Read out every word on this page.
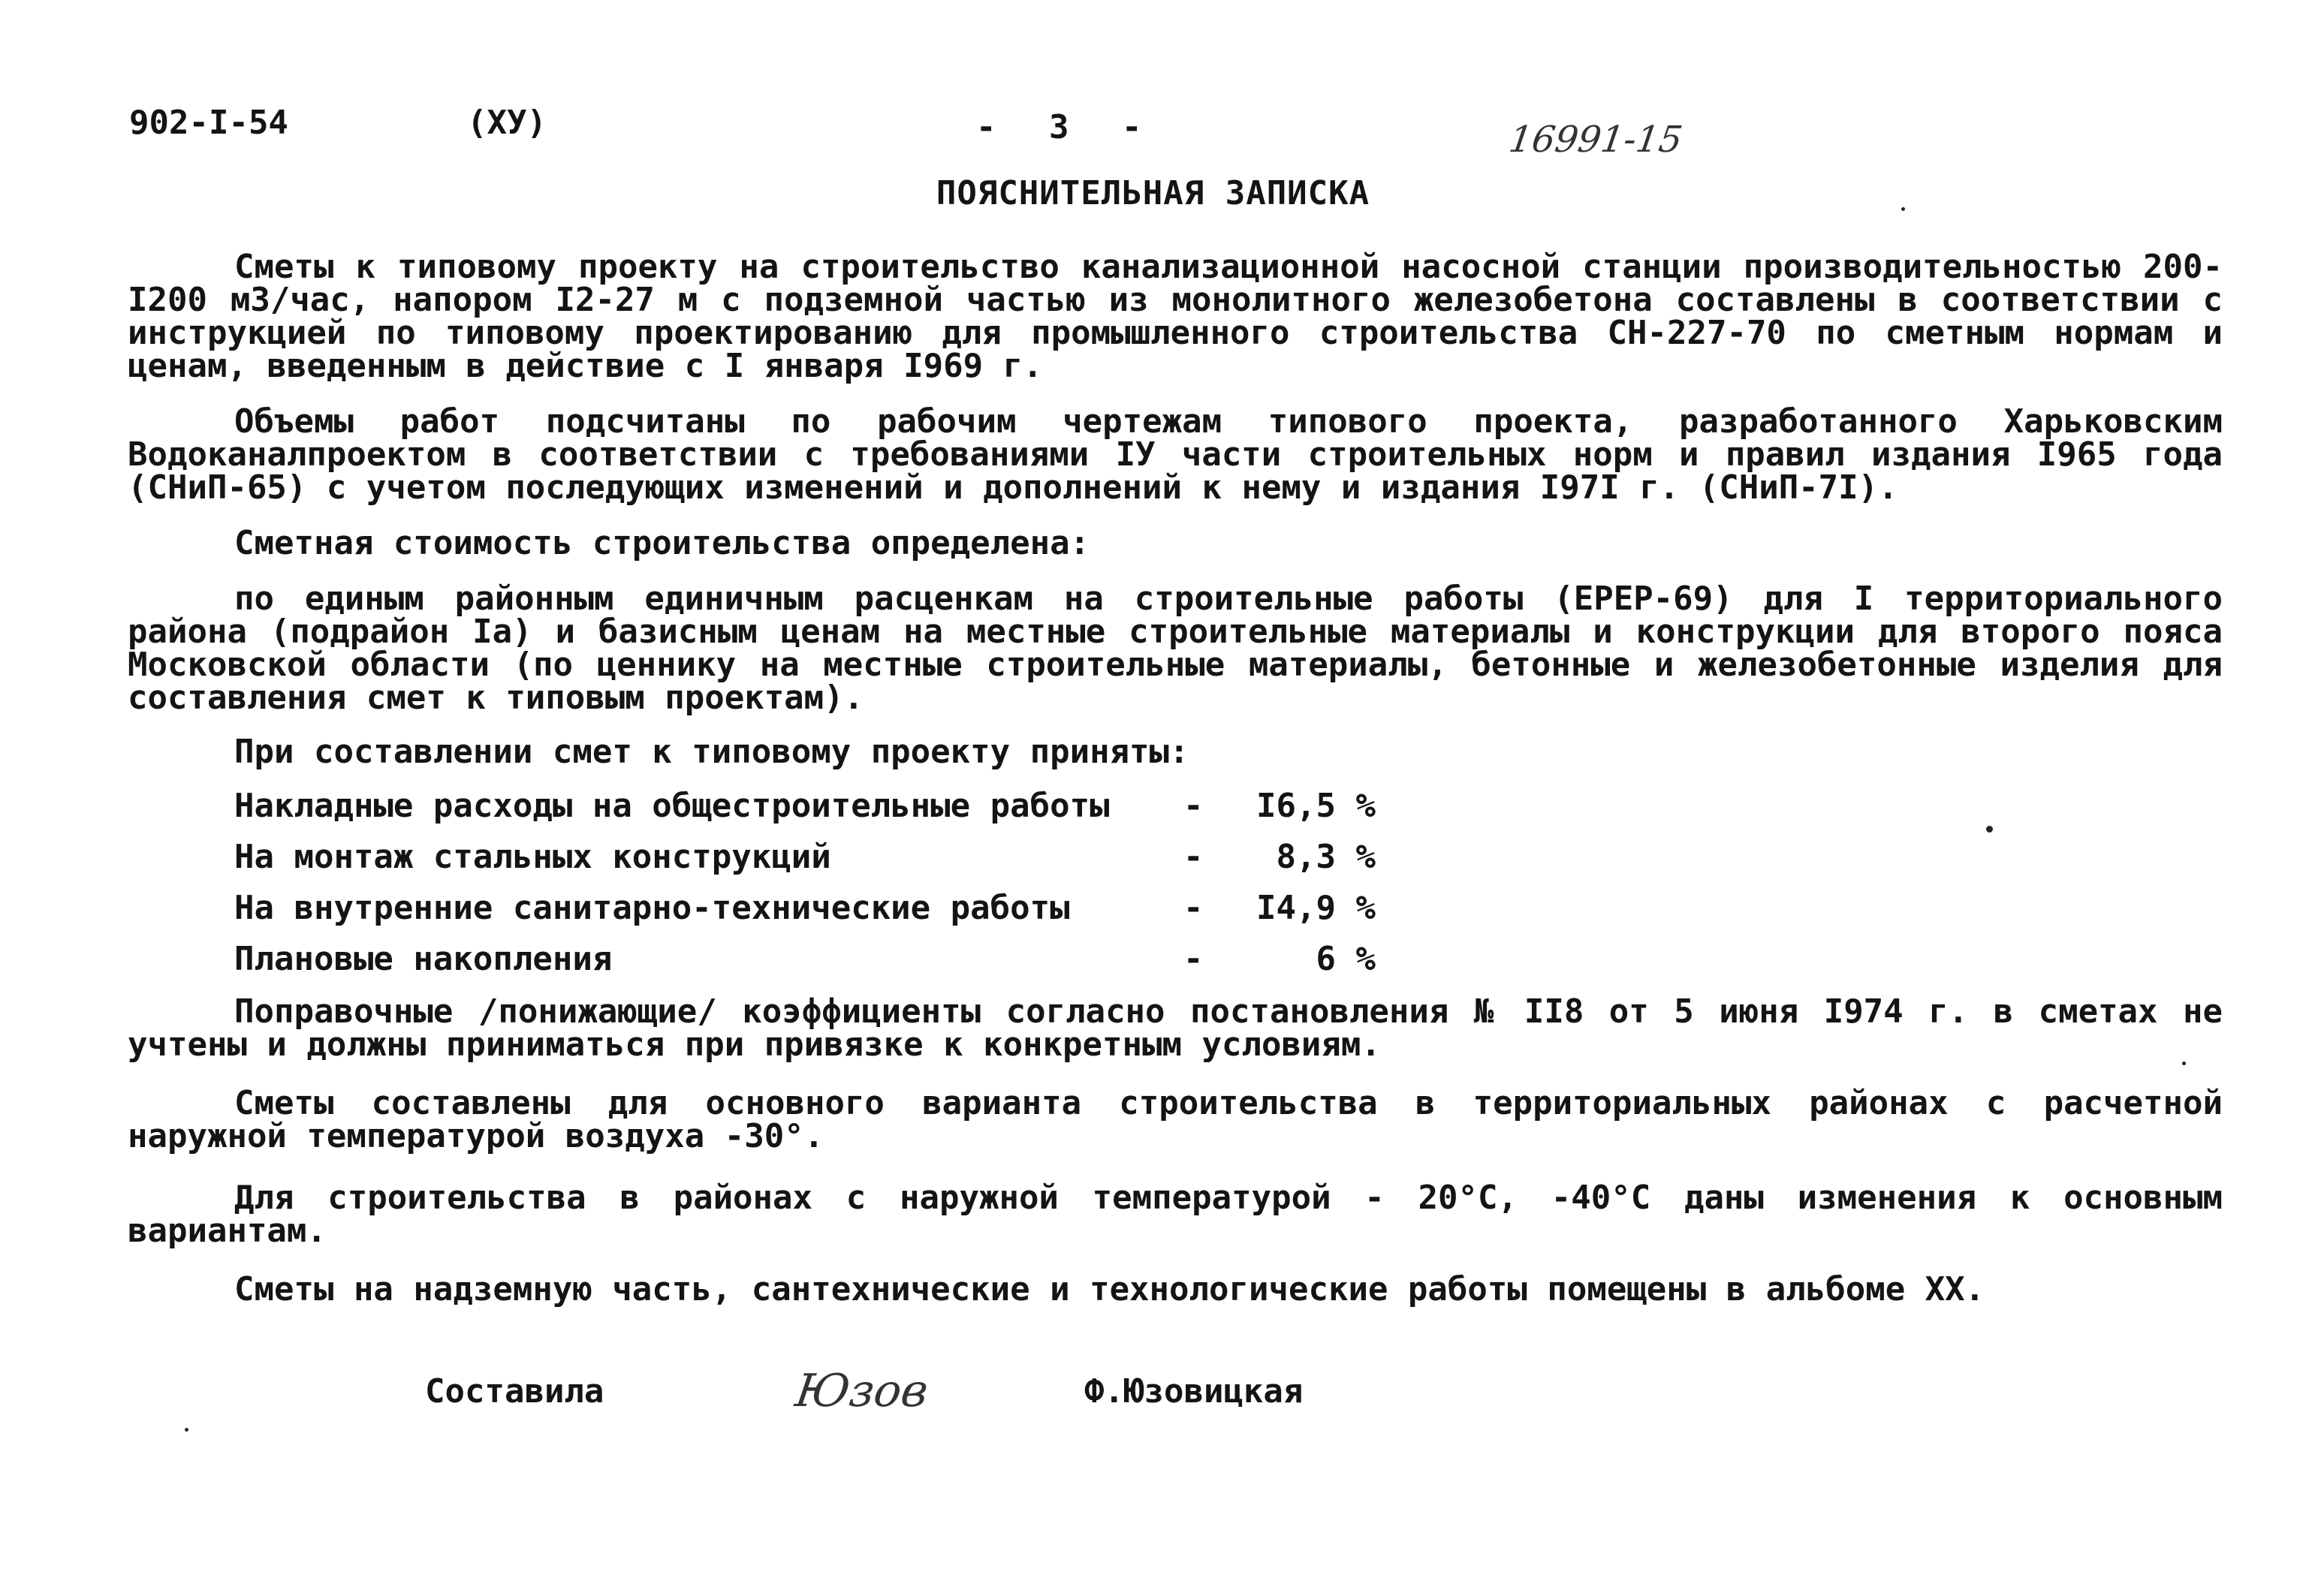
902-I-54	(XУ)	- 3 -	16991-15
ПОЯСНИТЕЛЬНАЯ ЗАПИСКА
Сметы к типовому проекту на строительство канализационной насосной станции производительностью 200-I200 м3/час, напором I2-27 м с подземной частью из монолитного железобетона составлены в соответствии с инструкцией по типовому проектированию для промышленного строительства СН-227-70 по сметным нормам и ценам, введенным в действие с I января I969 г.
Объемы работ подсчитаны по рабочим чертежам типового проекта, разработанного Харьковским Водоканалпроектом в соответствии с требованиями IУ части строительных норм и правил издания I965 года (СНиП-65) с учетом последующих изменений и дополнений к нему и издания I97I г. (СНиП-7I).
Сметная стоимость строительства определена:
по единым районным единичным расценкам на строительные работы (ЕРЕР-69) для I территориального района (подрайон Iа) и базисным ценам на местные строительные материалы и конструкции для второго пояса Московской области (по ценнику на местные строительные материалы, бетонные и железобетонные изделия для составления смет к типовым проектам).
При составлении смет к типовому проекту приняты:
Накладные расходы на общестроительные работы - I6,5 %
На монтаж стальных конструкций	- 8,3 %
На внутренние санитарно-технические работы	- I4,9 %
Плановые накопления	-	6 %
Поправочные /понижающие/ коэффициенты согласно постановления № II8 от 5 июня I974 г. в сметах не учтены и должны приниматься при привязке к конкретным условиям.
Сметы составлены для основного варианта строительства в территориальных районах с расчетной наружной температурой воздуха -30°.
Для строительства в районах с наружной температурой - 20°С, -40°С даны изменения к основным вариантам.
Сметы на надземную часть, сантехнические и технологические работы помещены в альбоме XX.
Составила	Юзов	Ф.Юзовицкая
